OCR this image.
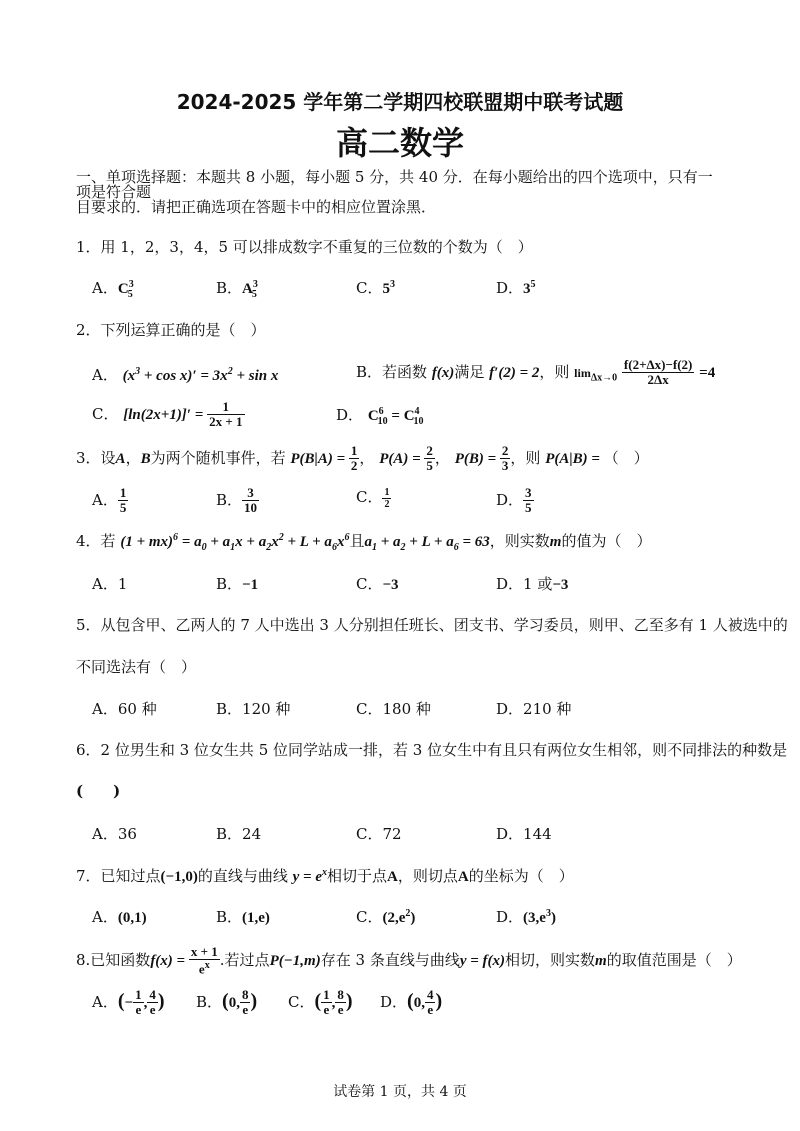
2024-2025 学年第二学期四校联盟期中联考试题
高二数学
一、单项选择题：本题共 8 小题，每小题 5 分，共 40 分．在每小题给出的四个选项中，只有一项是符合题
目要求的．请把正确选项在答题卡中的相应位置涂黑．
1．用 1，2，3，4，5 可以排成数字不重复的三位数的个数为（　）
A．$C^3_5$	B．$A^3_5$	C．$5^3$	D．$3^5$
2．下列运算正确的是（　）
A． $(x^3 + \cos x)' = 3x^2 + \sin x$	B．若函数 f(x)满足 f′(2) = 2，则 $\lim_{\Delta x\to 0} \frac{f(2+\Delta x)-f(2)}{2\Delta x} =4$
C． $[\ln(2x+1)]' = \frac{1}{2x + 1}$	D． $C^6_{10} = C^4_{10}$
3．设A，B为两个随机事件，若 $P(B|A) = \frac{1}{2}$ ， $P(A) = \frac{2}{5}$ ， $P(B) = \frac{2}{3}$ ，则 P(A|B) = （　）
A． $\frac{1}{5}$	B． $\frac{3}{10}$	C． $\frac{1}{2}$	D． $\frac{3}{5}$
4．若 $(1 + mx)^6 = a_0 + a_1x + a_2x^2 + L + a_6x^6$且$a_1 + a_2 + L + a_6 = 63$，则实数m的值为（　）
A．1	B．−1	C．−3	D．1 或−3
5．从包含甲、乙两人的 7 人中选出 3 人分别担任班长、团支书、学习委员，则甲、乙至多有 1 人被选中的
不同选法有（　）
A．60 种	B．120 种	C．180 种	D．210 种
6．2 位男生和 3 位女生共 5 位同学站成一排，若 3 位女生中有且只有两位女生相邻，则不同排法的种数是
(　　)
A．36	B．24	C．72	D．144
7．已知过点(−1,0)的直线与曲线 $y = e^x$相切于点A，则切点A的坐标为（　）
A．(0,1)	B．(1,e)	C．$(2,e^2)$	D．$(3,e^3)$
8.已知函数$f(x) = \frac{x + 1}{e^x}$ .若过点P(−1,m)存在 3 条直线与曲线y = f(x)相切，则实数m的取值范围是（　）
A．(− $\frac{1}{e}$ , $\frac{4}{e}$ ) B．(0, $\frac{8}{e}$ ) C．( $\frac{1}{e}$ , $\frac{8}{e}$ ) D．(0, $\frac{4}{e}$ )
试卷第 1 页，共 4 页
